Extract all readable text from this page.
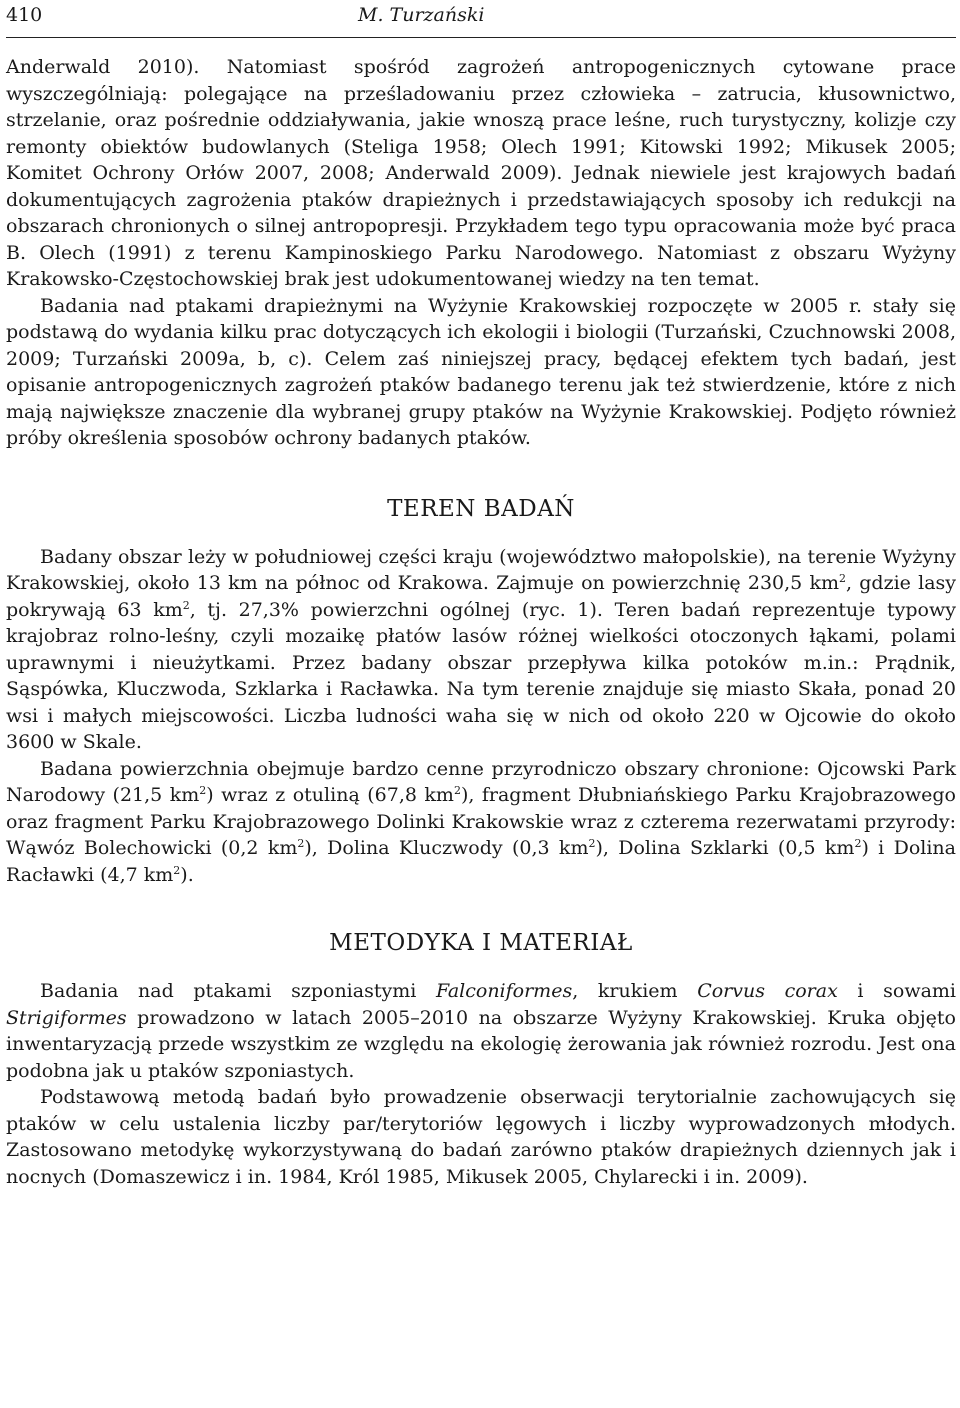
410	M. Turzański

Anderwald 2010). Natomiast spośród zagrożeń antropogenicznych cytowane prace wyszczególniają: polegające na prześladowaniu przez człowieka – zatrucia, kłusownictwo, strzelanie, oraz pośrednie oddziaływania, jakie wnoszą prace leśne, ruch turystyczny, kolizje czy remonty obiektów budowlanych (Steliga 1958; Olech 1991; Kitowski 1992; Mikusek 2005; Komitet Ochrony Orłów 2007, 2008; Anderwald 2009). Jednak niewiele jest krajowych badań dokumentujących zagrożenia ptaków drapieżnych i przedstawiających sposoby ich redukcji na obszarach chronionych o silnej antropopresji. Przykładem tego typu opracowania może być praca B. Olech (1991) z terenu Kampinoskiego Parku Narodowego. Natomiast z obszaru Wyżyny Krakowsko-Częstochowskiej brak jest udokumentowanej wiedzy na ten temat.

Badania nad ptakami drapieżnymi na Wyżynie Krakowskiej rozpoczęte w 2005 r. stały się podstawą do wydania kilku prac dotyczących ich ekologii i biologii (Turzański, Czuchnowski 2008, 2009; Turzański 2009a, b, c). Celem zaś niniejszej pracy, będącej efektem tych badań, jest opisanie antropogenicznych zagrożeń ptaków badanego terenu jak też stwierdzenie, które z nich mają największe znaczenie dla wybranej grupy ptaków na Wyżynie Krakowskiej. Podjęto również próby określenia sposobów ochrony badanych ptaków.

TEREN BADAŃ

Badany obszar leży w południowej części kraju (województwo małopolskie), na terenie Wyżyny Krakowskiej, około 13 km na północ od Krakowa. Zajmuje on powierzchnię 230,5 $km^2$, gdzie lasy pokrywają 63 $km^2$, tj. 27,3% powierzchni ogólnej (ryc. 1). Teren badań reprezentuje typowy krajobraz rolno-leśny, czyli mozaikę płatów lasów różnej wielkości otoczonych łąkami, polami uprawnymi i nieużytkami. Przez badany obszar przepływa kilka potoków m.in.: Prądnik, Sąspówka, Kluczwoda, Szklarka i Racławka. Na tym terenie znajduje się miasto Skała, ponad 20 wsi i małych miejscowości. Liczba ludności waha się w nich od około 220 w Ojcowie do około 3600 w Skale.

Badana powierzchnia obejmuje bardzo cenne przyrodniczo obszary chronione: Ojcowski Park Narodowy (21,5 $km^2$) wraz z otuliną (67,8 $km^2$), fragment Dłubniańskiego Parku Krajobrazowego oraz fragment Parku Krajobrazowego Dolinki Krakowskie wraz z czterema rezerwatami przyrody: Wąwóz Bolechowicki (0,2 $km^2$), Dolina Kluczwody (0,3 $km^2$), Dolina Szklarki (0,5 $km^2$) i Dolina Racławki (4,7 $km^2$).

METODYKA I MATERIAŁ

Badania nad ptakami szponiastymi Falconiformes, krukiem Corvus corax i sowami Strigiformes prowadzono w latach 2005–2010 na obszarze Wyżyny Krakowskiej. Kruka objęto inwentaryzacją przede wszystkim ze względu na ekologię żerowania jak również rozrodu. Jest ona podobna jak u ptaków szponiastych.

Podstawową metodą badań było prowadzenie obserwacji terytorialnie zachowujących się ptaków w celu ustalenia liczby par/terytoriów lęgowych i liczby wyprowadzonych młodych. Zastosowano metodykę wykorzystywaną do badań zarówno ptaków drapieżnych dziennych jak i nocnych (Domaszewicz i in. 1984, Król 1985, Mikusek 2005, Chylarecki i in. 2009).
